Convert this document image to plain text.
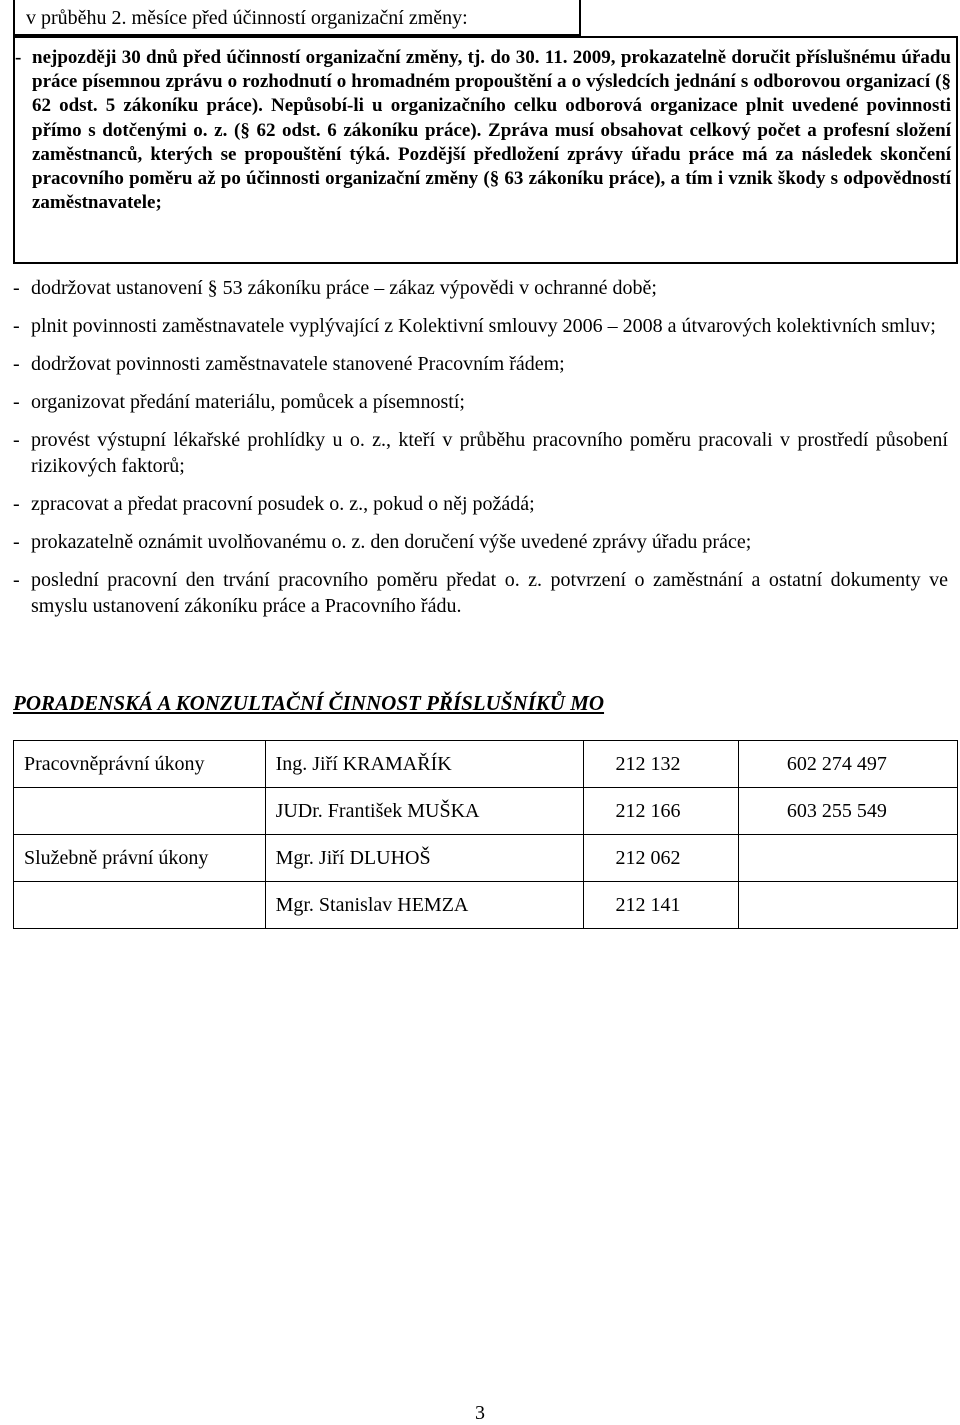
v průběhu 2. měsíce před účinností organizační změny:
- nejpozději 30 dnů před účinností organizační změny, tj. do 30. 11. 2009, prokazatelně doručit příslušnému úřadu práce písemnou zprávu o rozhodnutí o hromadném propouštění a o výsledcích jednání s odborovou organizací (§ 62 odst. 5 zákoníku práce). Nepůsobí-li u organizačního celku odborová organizace plnit uvedené povinnosti přímo s dotčenými o. z. (§ 62 odst. 6 zákoníku práce). Zpráva musí obsahovat celkový počet a profesní složení zaměstnanců, kterých se propouštění týká. Pozdější předložení zprávy úřadu práce má za následek skončení pracovního poměru až po účinnosti organizační změny (§ 63 zákoníku práce), a tím i vznik škody s odpovědností zaměstnavatele;
- dodržovat ustanovení § 53 zákoníku práce – zákaz výpovědi v ochranné době;
- plnit povinnosti zaměstnavatele vyplývající z Kolektivní smlouvy 2006 – 2008 a útvarových kolektivních smluv;
- dodržovat povinnosti zaměstnavatele stanovené Pracovním řádem;
- organizovat předání materiálu, pomůcek a písemností;
- provést výstupní lékařské prohlídky u o. z., kteří v průběhu pracovního poměru pracovali v prostředí působení rizikových faktorů;
- zpracovat a předat pracovní posudek o. z., pokud o něj požádá;
- prokazatelně oznámit uvolňovanému o. z. den doručení výše uvedené zprávy úřadu práce;
- poslední pracovní den trvání pracovního poměru předat o. z. potvrzení o zaměstnání a ostatní dokumenty ve smyslu ustanovení zákoníku práce a Pracovního řádu.
PORADENSKÁ A KONZULTAČNÍ ČINNOST PŘÍSLUŠNÍKŮ MO
Pracovněprávní úkony	Ing. Jiří KRAMAŘÍK	212 132	602 274 497
	JUDr. František MUŠKA	212 166	603 255 549
Služebně právní úkony	Mgr. Jiří DLUHOŠ	212 062	
	Mgr. Stanislav HEMZA	212 141	
3
